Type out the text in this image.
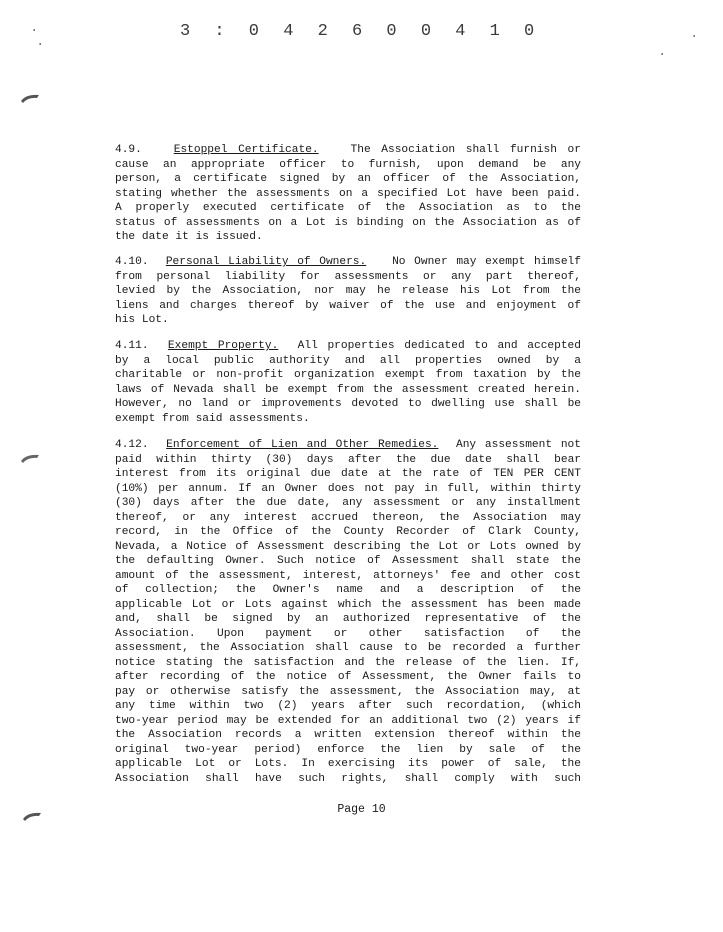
3 : 0 4 2 6 0 0 4 1 0
·
·
·
·
4.9.	Estoppel Certificate.	The Association shall furnish or
cause an appropriate officer to furnish, upon demand be any
person, a certificate signed by an officer of the Association,
stating whether the assessments on a specified Lot have been paid.
A properly executed certificate of the Association as to the
status of assessments on a Lot is binding on the Association as of
the date it is issued.
4.10. Personal Liability of Owners. No Owner may exempt himself
from personal liability for assessments or any part thereof,
levied by the Association, nor may he release his Lot from the
liens and charges thereof by waiver of the use and enjoyment of
his Lot.
4.11. Exempt Property. All properties dedicated to and accepted
by a local public authority and all properties owned by a
charitable or non-profit organization exempt from taxation by the
laws of Nevada shall be exempt from the assessment created herein.
However, no land or improvements devoted to dwelling use shall be
exempt from said assessments.
4.12. Enforcement of Lien and Other Remedies. Any assessment not
paid within thirty (30) days after the due date shall bear
interest from its original due date at the rate of TEN PER CENT
(10%) per annum. If an Owner does not pay in full, within thirty
(30) days after the due date, any assessment or any installment
thereof, or any interest accrued thereon, the Association may
record, in the Office of the County Recorder of Clark County,
Nevada, a Notice of Assessment describing the Lot or Lots owned by
the defaulting Owner. Such notice of Assessment shall state the
amount of the assessment, interest, attorneys' fee and other cost
of collection; the Owner's name and a description of the
applicable Lot or Lots against which the assessment has been made
and, shall be signed by an authorized representative of the
Association. Upon payment or other satisfaction of the
assessment, the Association shall cause to be recorded a further
notice stating the satisfaction and the release of the lien. If,
after recording of the notice of Assessment, the Owner fails to
pay or otherwise satisfy the assessment, the Association may, at
any time within two (2) years after such recordation, (which
two-year period may be extended for an additional two (2) years if
the Association records a written extension thereof within the
original two-year period) enforce the lien by sale of the
applicable Lot or Lots. In exercising its power of sale, the
Association shall have such rights, shall comply with such
Page 10
